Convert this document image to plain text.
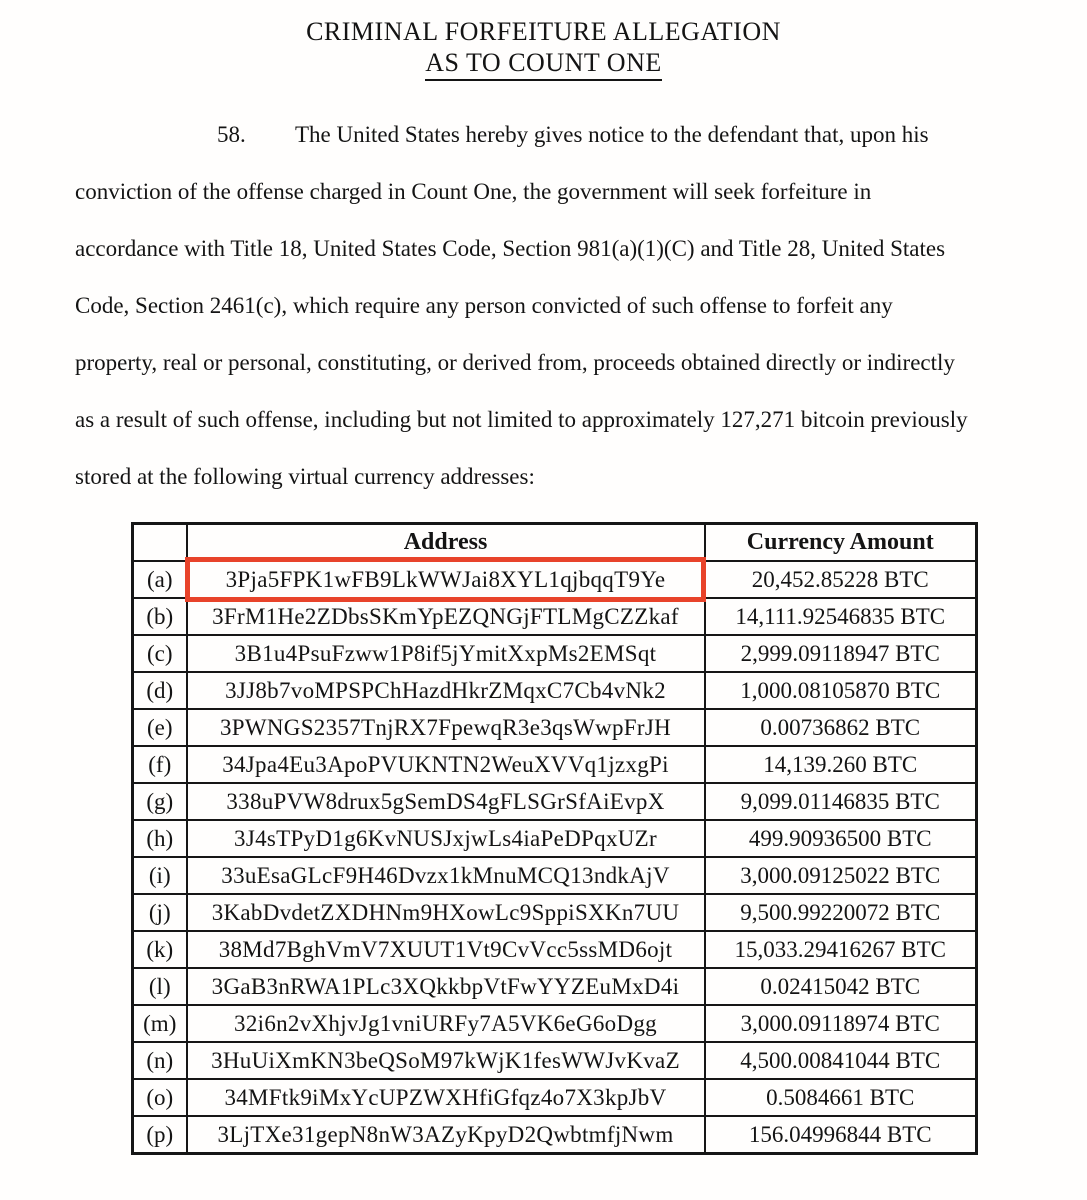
CRIMINAL FORFEITURE ALLEGATION
AS TO COUNT ONE
58. The United States hereby gives notice to the defendant that, upon his
conviction of the offense charged in Count One, the government will seek forfeiture in
accordance with Title 18, United States Code, Section 981(a)(1)(C) and Title 28, United States
Code, Section 2461(c), which require any person convicted of such offense to forfeit any
property, real or personal, constituting, or derived from, proceeds obtained directly or indirectly
as a result of such offense, including but not limited to approximately 127,271 bitcoin previously
stored at the following virtual currency addresses:
	Address	Currency Amount
(a)	3Pja5FPK1wFB9LkWWJai8XYL1qjbqqT9Ye	20,452.85228 BTC
(b)	3FrM1He2ZDbsSKmYpEZQNGjFTLMgCZZkaf	14,111.92546835 BTC
(c)	3B1u4PsuFzww1P8if5jYmitXxpMs2EMSqt	2,999.09118947 BTC
(d)	3JJ8b7voMPSPChHazdHkrZMqxC7Cb4vNk2	1,000.08105870 BTC
(e)	3PWNGS2357TnjRX7FpewqR3e3qsWwpFrJH	0.00736862 BTC
(f)	34Jpa4Eu3ApoPVUKNTN2WeuXVVq1jzxgPi	14,139.260 BTC
(g)	338uPVW8drux5gSemDS4gFLSGrSfAiEvpX	9,099.01146835 BTC
(h)	3J4sTPyD1g6KvNUSJxjwLs4iaPeDPqxUZr	499.90936500 BTC
(i)	33uEsaGLcF9H46Dvzx1kMnuMCQ13ndkAjV	3,000.09125022 BTC
(j)	3KabDvdetZXDHNm9HXowLc9SppiSXKn7UU	9,500.99220072 BTC
(k)	38Md7BghVmV7XUUT1Vt9CvVcc5ssMD6ojt	15,033.29416267 BTC
(l)	3GaB3nRWA1PLc3XQkkbpVtFwYYZEuMxD4i	0.02415042 BTC
(m)	32i6n2vXhjvJg1vniURFy7A5VK6eG6oDgg	3,000.09118974 BTC
(n)	3HuUiXmKN3beQSoM97kWjK1fesWWJvKvaZ	4,500.00841044 BTC
(o)	34MFtk9iMxYcUPZWXHfiGfqz4o7X3kpJbV	0.5084661 BTC
(p)	3LjTXe31gepN8nW3AZyKpyD2QwbtmfjNwm	156.04996844 BTC
